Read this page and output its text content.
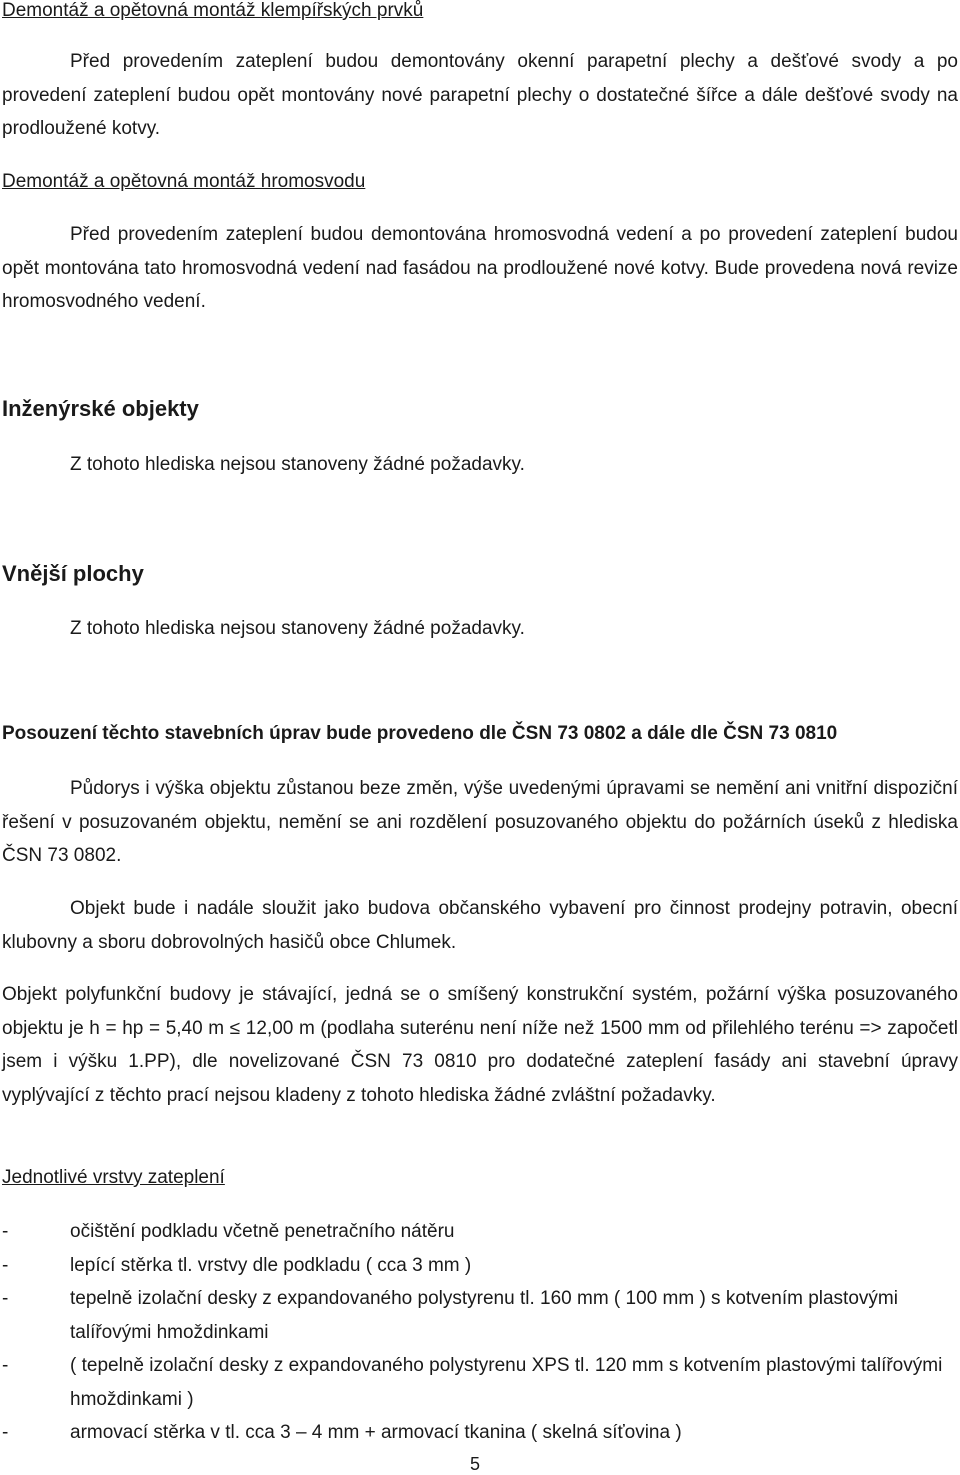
Demontáž a opětovná montáž klempířských prvků
Před provedením zateplení budou demontovány okenní parapetní plechy a dešťové svody a po provedení zateplení budou opět montovány nové parapetní plechy o dostatečné šířce a dále dešťové svody na prodloužené kotvy.
Demontáž a opětovná montáž hromosvodu
Před provedením zateplení budou demontována hromosvodná vedení a po provedení zateplení budou opět montována tato hromosvodná vedení nad fasádou na prodloužené nové kotvy. Bude provedena nová revize hromosvodného vedení.
Inženýrské objekty
Z tohoto hlediska nejsou stanoveny žádné požadavky.
Vnější plochy
Z tohoto hlediska nejsou stanoveny žádné požadavky.
Posouzení těchto stavebních úprav bude provedeno dle ČSN 73 0802 a dále dle ČSN 73 0810
Půdorys i výška objektu zůstanou beze změn, výše uvedenými úpravami se nemění ani vnitřní dispoziční řešení v posuzovaném objektu, nemění se ani rozdělení posuzovaného objektu do požárních úseků z hlediska ČSN 73 0802.
Objekt bude i nadále sloužit jako budova občanského vybavení pro činnost prodejny potravin, obecní klubovny a sboru dobrovolných hasičů obce Chlumek.
Objekt polyfunkční budovy je stávající, jedná se o smíšený konstrukční systém, požární výška posuzovaného objektu je h = hp = 5,40 m ≤ 12,00 m (podlaha suterénu není níže než 1500 mm od přilehlého terénu => započetl jsem i výšku 1.PP), dle novelizované ČSN 73 0810 pro dodatečné zateplení fasády ani stavební úpravy vyplývající z těchto prací nejsou kladeny z tohoto hlediska žádné zvláštní požadavky.
Jednotlivé vrstvy zateplení
-	očištění podkladu včetně penetračního nátěru
-	lepící stěrka tl. vrstvy dle podkladu ( cca 3 mm )
-	tepelně izolační desky z expandovaného polystyrenu tl. 160 mm ( 100 mm ) s kotvením plastovými talířovými hmoždinkami
-	( tepelně izolační desky z expandovaného polystyrenu XPS tl. 120 mm s kotvením plastovými talířovými hmoždinkami )
-	armovací stěrka v tl. cca 3 – 4 mm + armovací tkanina ( skelná síťovina )
5
